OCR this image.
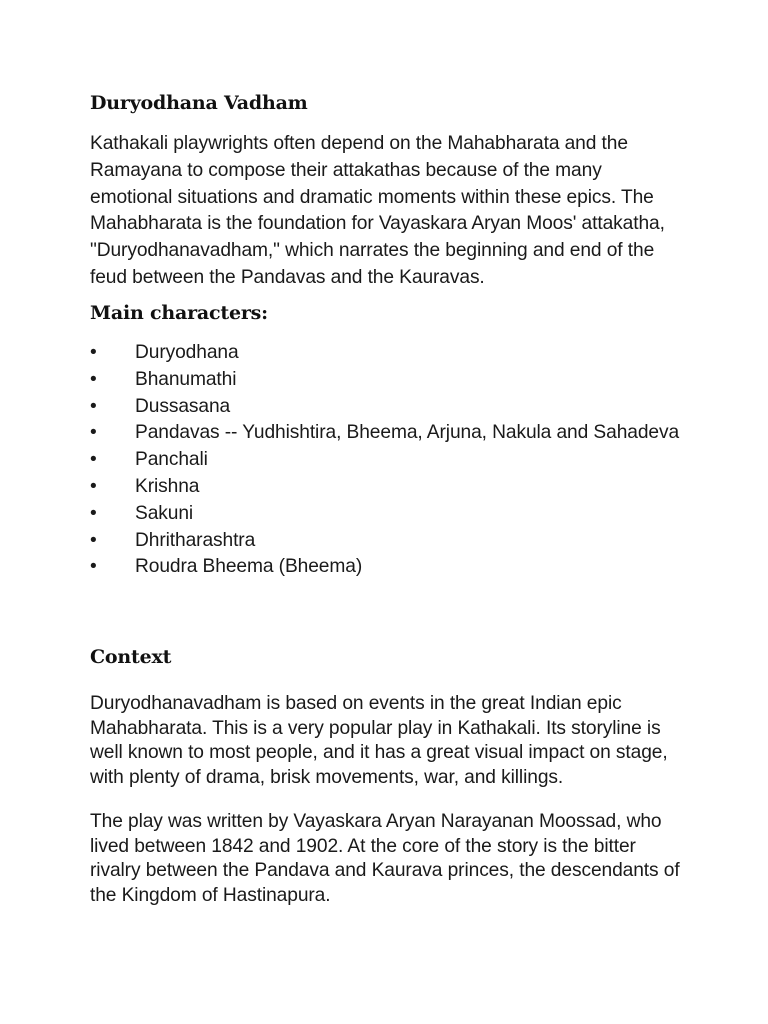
Duryodhana Vadham

Kathakali playwrights often depend on the Mahabharata and the Ramayana to compose their attakathas because of the many emotional situations and dramatic moments within these epics. The Mahabharata is the foundation for Vayaskara Aryan Moos' attakatha, "Duryodhanavadham," which narrates the beginning and end of the feud between the Pandavas and the Kauravas.

Main characters:
• Duryodhana
• Bhanumathi
• Dussasana
• Pandavas -- Yudhishtira, Bheema, Arjuna, Nakula and Sahadeva
• Panchali
• Krishna
• Sakuni
• Dhritharashtra
• Roudra Bheema (Bheema)
Context

Duryodhanavadham is based on events in the great Indian epic Mahabharata. This is a very popular play in Kathakali. Its storyline is well known to most people, and it has a great visual impact on stage, with plenty of drama, brisk movements, war, and killings.

The play was written by Vayaskara Aryan Narayanan Moossad, who lived between 1842 and 1902. At the core of the story is the bitter rivalry between the Pandava and Kaurava princes, the descendants of the Kingdom of Hastinapura.
